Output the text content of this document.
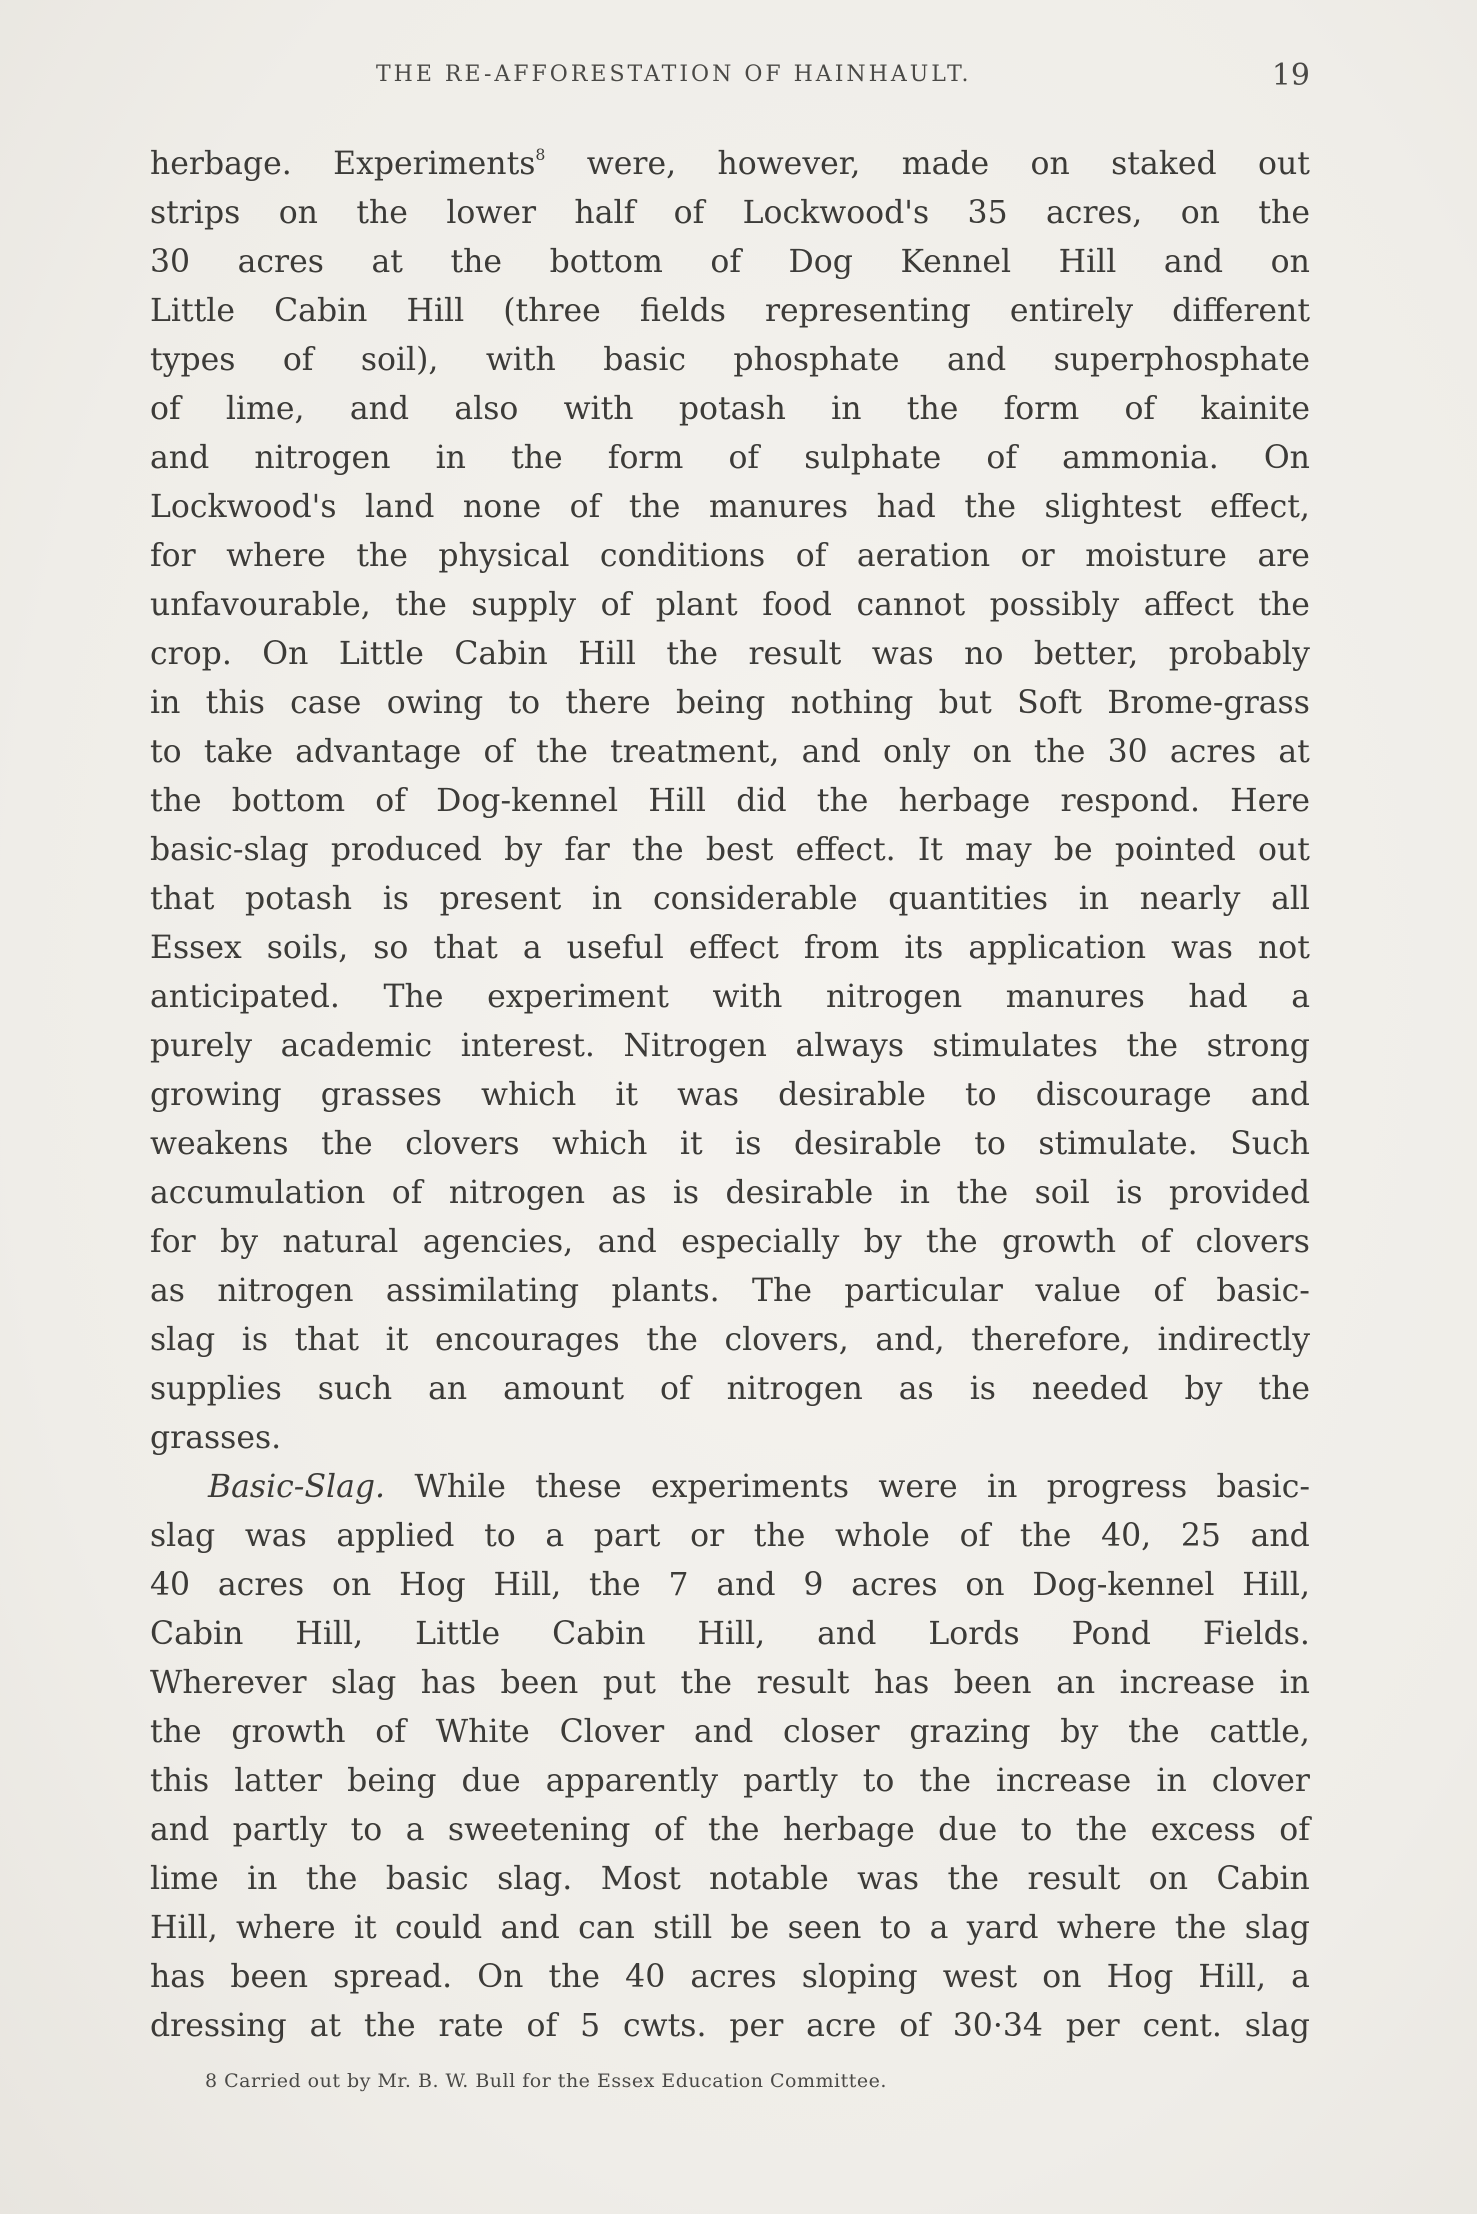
THE RE-AFFORESTATION OF HAINHAULT.	19
herbage. Experiments$^8$ were, however, made on staked out
strips on the lower half of Lockwood's 35 acres, on the
30 acres at the bottom of Dog Kennel Hill and on
Little Cabin Hill (three fields representing entirely different
types of soil), with basic phosphate and superphosphate
of lime, and also with potash in the form of kainite
and nitrogen in the form of sulphate of ammonia. On
Lockwood's land none of the manures had the slightest effect,
for where the physical conditions of aeration or moisture are
unfavourable, the supply of plant food cannot possibly affect the
crop. On Little Cabin Hill the result was no better, probably
in this case owing to there being nothing but Soft Brome-grass
to take advantage of the treatment, and only on the 30 acres at
the bottom of Dog-kennel Hill did the herbage respond. Here
basic-slag produced by far the best effect. It may be pointed out
that potash is present in considerable quantities in nearly all
Essex soils, so that a useful effect from its application was not
anticipated. The experiment with nitrogen manures had a
purely academic interest. Nitrogen always stimulates the strong
growing grasses which it was desirable to discourage and
weakens the clovers which it is desirable to stimulate. Such
accumulation of nitrogen as is desirable in the soil is provided
for by natural agencies, and especially by the growth of clovers
as nitrogen assimilating plants. The particular value of basic-
slag is that it encourages the clovers, and, therefore, indirectly
supplies such an amount of nitrogen as is needed by the
grasses.
Basic-Slag. While these experiments were in progress basic-
slag was applied to a part or the whole of the 40, 25 and
40 acres on Hog Hill, the 7 and 9 acres on Dog-kennel Hill,
Cabin Hill, Little Cabin Hill, and Lords Pond Fields.
Wherever slag has been put the result has been an increase in
the growth of White Clover and closer grazing by the cattle,
this latter being due apparently partly to the increase in clover
and partly to a sweetening of the herbage due to the excess of
lime in the basic slag. Most notable was the result on Cabin
Hill, where it could and can still be seen to a yard where the slag
has been spread. On the 40 acres sloping west on Hog Hill, a
dressing at the rate of 5 cwts. per acre of 30·34 per cent. slag
8 Carried out by Mr. B. W. Bull for the Essex Education Committee.
